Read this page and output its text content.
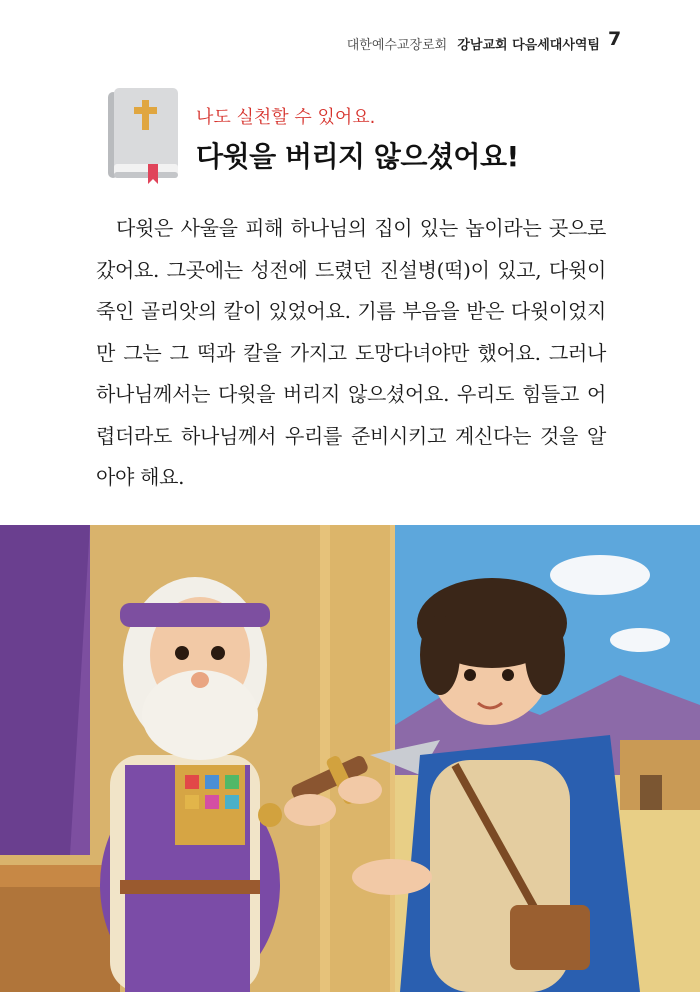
대한예수교장로회 강남교회 다음세대사역팀 7
나도 실천할 수 있어요.
다윗을 버리지 않으셨어요!

다윗은 사울을 피해 하나님의 집이 있는 놉이라는 곳으로 갔어요. 그곳에는 성전에 드렸던 진설병(떡)이 있고, 다윗이 죽인 골리앗의 칼이 있었어요. 기름 부음을 받은 다윗이었지만 그는 그 떡과 칼을 가지고 도망다녀야만 했어요. 그러나 하나님께서는 다윗을 버리지 않으셨어요. 우리도 힘들고 어렵더라도 하나님께서 우리를 준비시키고 계신다는 것을 알아야 해요.
